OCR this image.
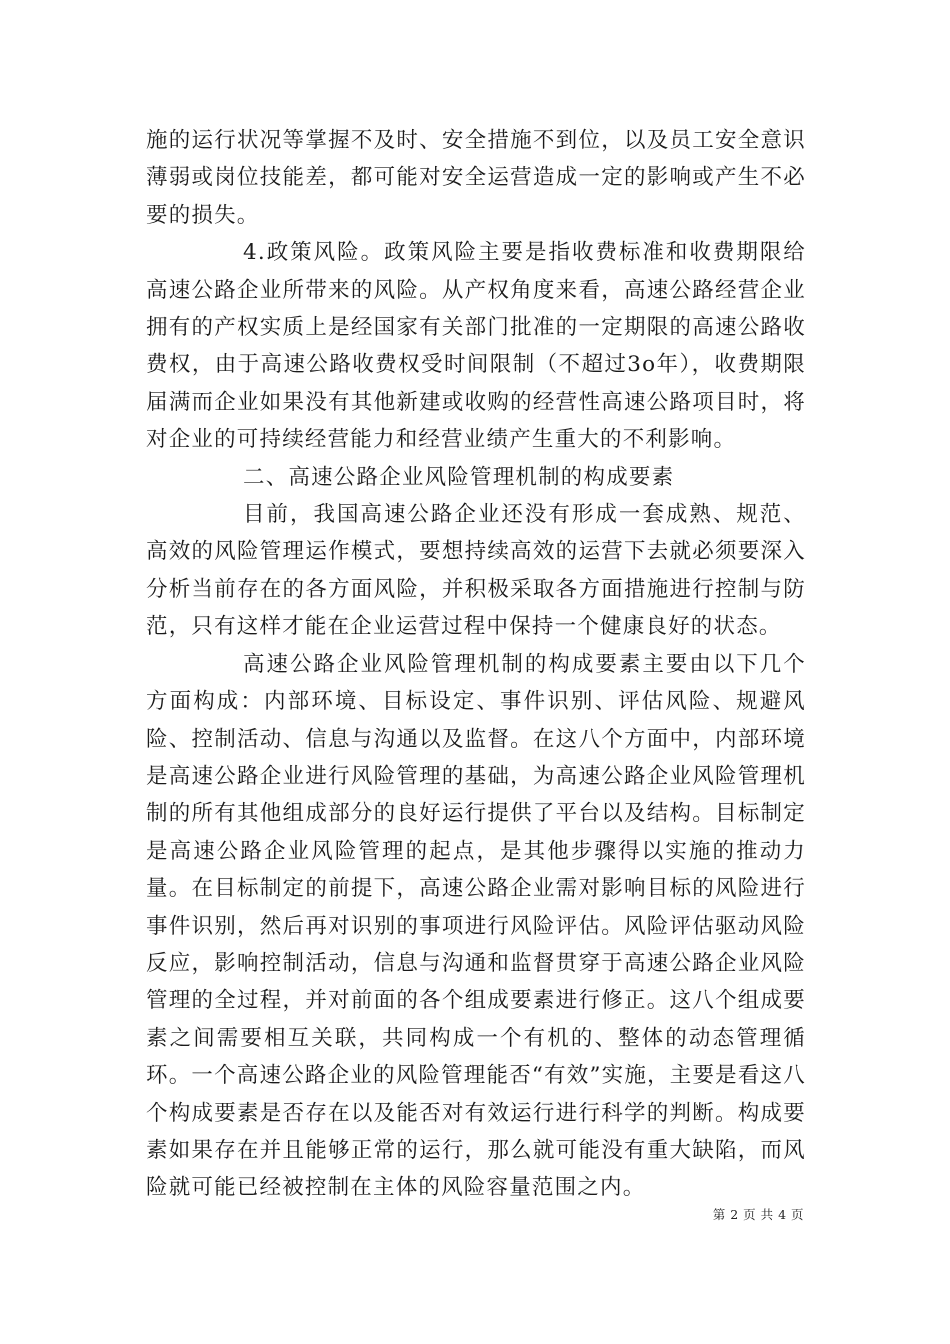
施的运行状况等掌握不及时、安全措施不到位，以及员工安全意识薄弱或岗位技能差，都可能对安全运营造成一定的影响或产生不必要的损失。

4.政策风险。政策风险主要是指收费标准和收费期限给高速公路企业所带来的风险。从产权角度来看，高速公路经营企业拥有的产权实质上是经国家有关部门批准的一定期限的高速公路收费权，由于高速公路收费权受时间限制（不超过3o年），收费期限届满而企业如果没有其他新建或收购的经营性高速公路项目时，将对企业的可持续经营能力和经营业绩产生重大的不利影响。

二、高速公路企业风险管理机制的构成要素

目前，我国高速公路企业还没有形成一套成熟、规范、高效的风险管理运作模式，要想持续高效的运营下去就必须要深入分析当前存在的各方面风险，并积极采取各方面措施进行控制与防范，只有这样才能在企业运营过程中保持一个健康良好的状态。

高速公路企业风险管理机制的构成要素主要由以下几个方面构成：内部环境、目标设定、事件识别、评估风险、规避风险、控制活动、信息与沟通以及监督。在这八个方面中，内部环境是高速公路企业进行风险管理的基础，为高速公路企业风险管理机制的所有其他组成部分的良好运行提供了平台以及结构。目标制定是高速公路企业风险管理的起点，是其他步骤得以实施的推动力量。在目标制定的前提下，高速公路企业需对影响目标的风险进行事件识别，然后再对识别的事项进行风险评估。风险评估驱动风险反应，影响控制活动，信息与沟通和监督贯穿于高速公路企业风险管理的全过程，并对前面的各个组成要素进行修正。这八个组成要素之间需要相互关联，共同构成一个有机的、整体的动态管理循环。一个高速公路企业的风险管理能否“有效”实施，主要是看这八个构成要素是否存在以及能否对有效运行进行科学的判断。构成要素如果存在并且能够正常的运行，那么就可能没有重大缺陷，而风险就可能已经被控制在主体的风险容量范围之内。

第 2 页 共 4 页
